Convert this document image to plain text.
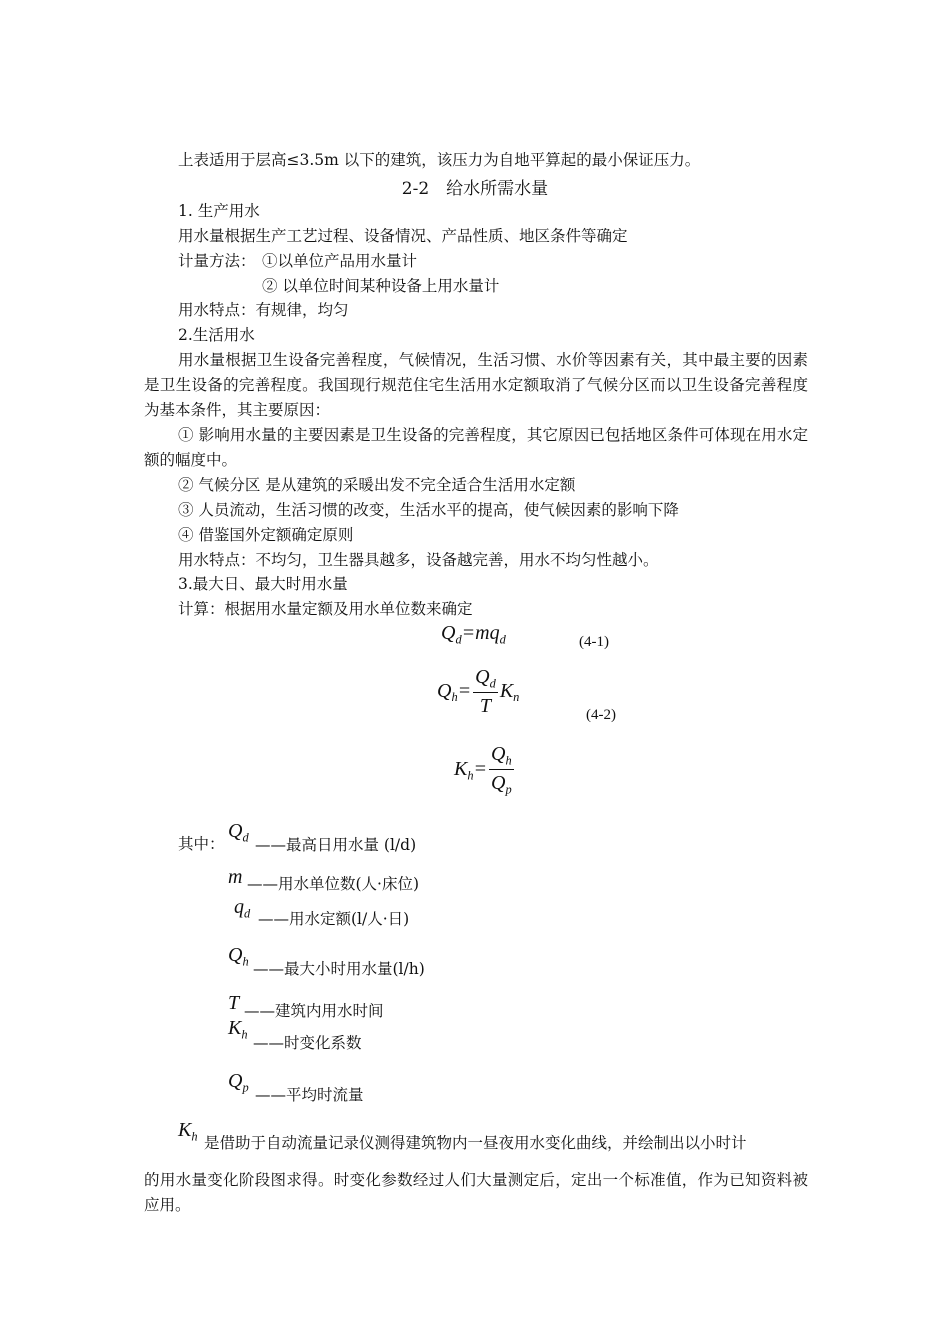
上表适用于层高≤3.5m 以下的建筑，该压力为自地平算起的最小保证压力。
2-2　给水所需水量
1. 生产用水
用水量根据生产工艺过程、设备情况、产品性质、地区条件等确定
计量方法： ①以单位产品用水量计
② 以单位时间某种设备上用水量计
用水特点：有规律，均匀
2.生活用水
用水量根据卫生设备完善程度，气候情况，生活习惯、水价等因素有关，其中最主要的因素是卫生设备的完善程度。我国现行规范住宅生活用水定额取消了气候分区而以卫生设备完善程度为基本条件，其主要原因：
① 影响用水量的主要因素是卫生设备的完善程度，其它原因已包括地区条件可体现在用水定额的幅度中。
② 气候分区 是从建筑的采暖出发不完全适合生活用水定额
③ 人员流动，生活习惯的改变，生活水平的提高，使气候因素的影响下降
④ 借鉴国外定额确定原则
用水特点：不均匀，卫生器具越多，设备越完善，用水不均匀性越小。
3.最大日、最大时用水量
计算：根据用水量定额及用水单位数来确定
$Q_d=mq_d$	(4-1)
$Q_h= \frac{Q_d}{T} K_n$
(4-2)
$K_h= \frac{Q_h}{Q_p}$
其中：
$Q_d$ ——最高日用水量 (l/d)
m ——用水单位数(人·床位)
$q_d$ ——用水定额(l/人·日)
$Q_h$ ——最大小时用水量(l/h)
T ——建筑内用水时间
$K_h$ ——时变化系数
$Q_p$ ——平均时流量
$K_h$ 是借助于自动流量记录仪测得建筑物内一昼夜用水变化曲线，并绘制出以小时计
的用水量变化阶段图求得。时变化参数经过人们大量测定后，定出一个标准值，作为已知资料被应用。
